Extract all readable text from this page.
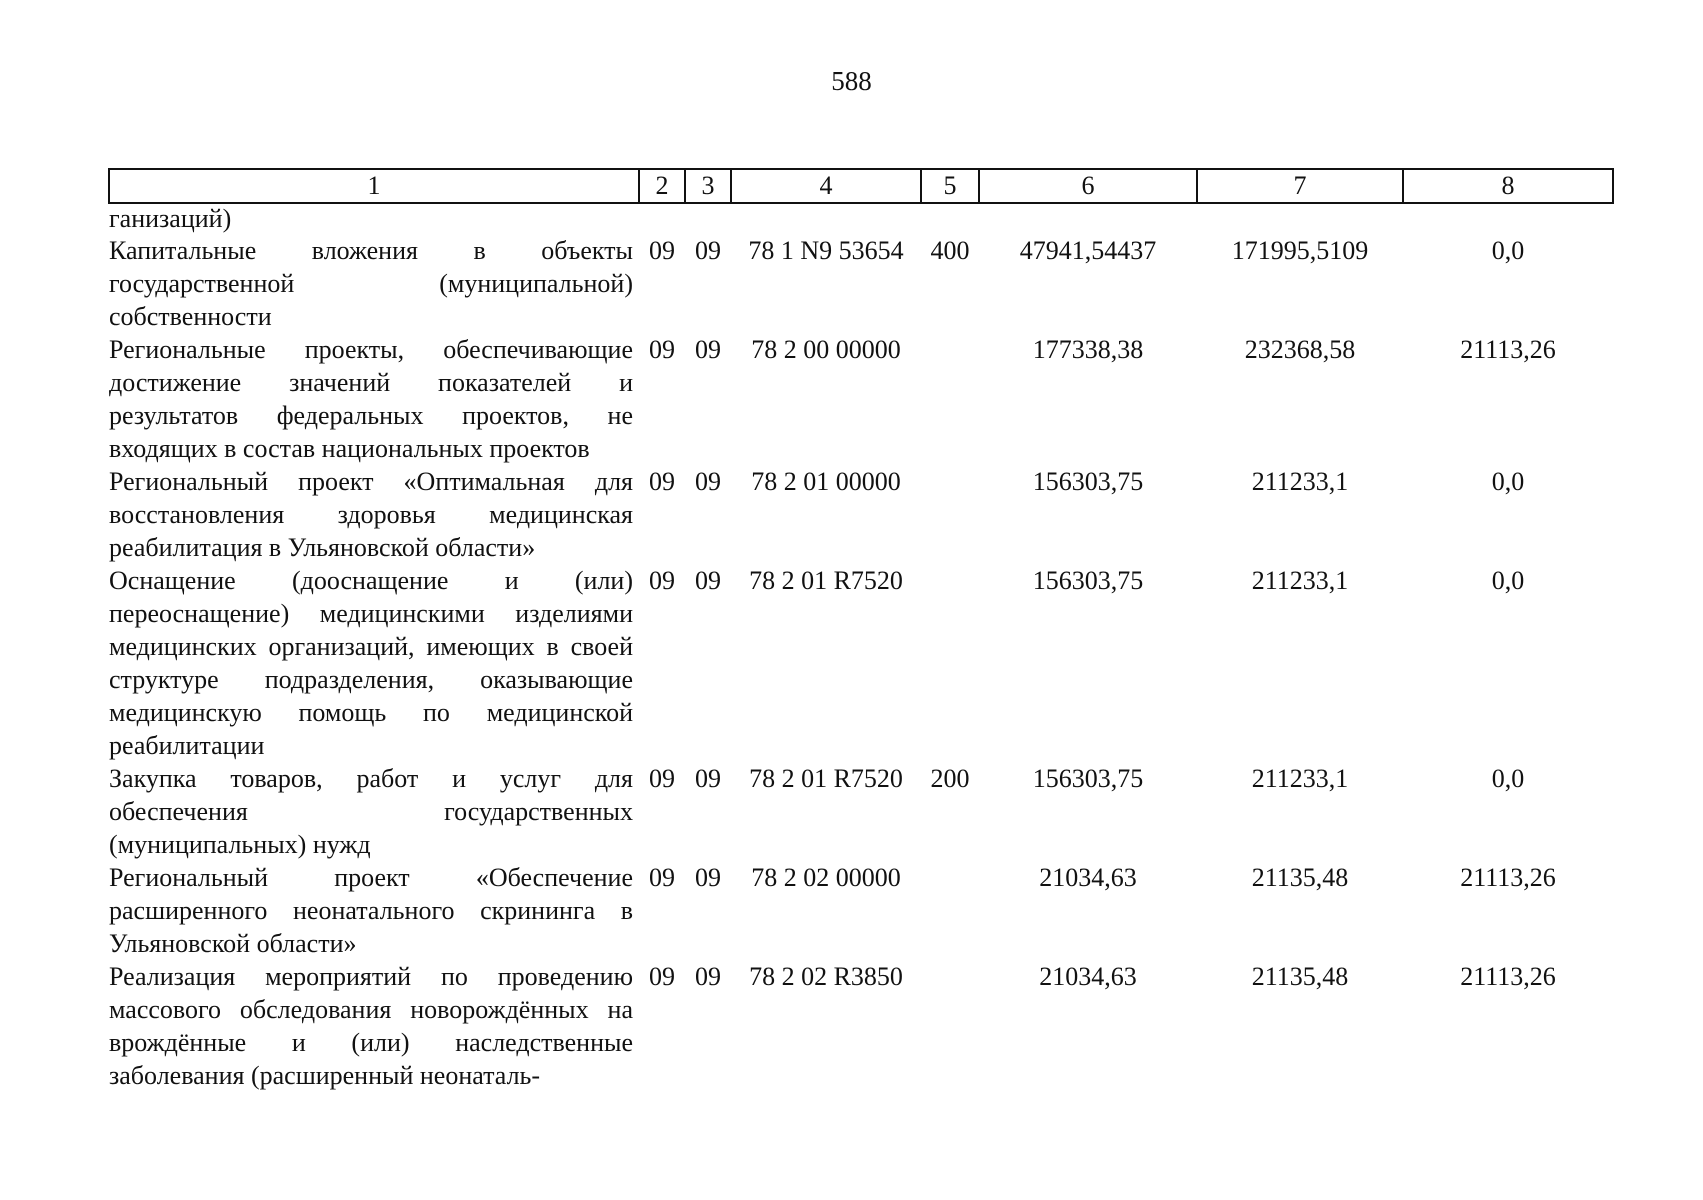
588
1	2	3	4	5	6	7	8
ганизаций)							
Капитальные вложения в объекты государственной (муниципальной) собственности	09	09	78 1 N9 53654	400	47941,54437	171995,5109	0,0
Региональные проекты, обеспечивающие достижение значений показателей и результатов федеральных проектов, не входящих в состав национальных проектов	09	09	78 2 00 00000		177338,38	232368,58	21113,26
Региональный проект «Оптимальная для восстановления здоровья медицинская реабилитация в Ульяновской области»	09	09	78 2 01 00000		156303,75	211233,1	0,0
Оснащение (дооснащение и (или) переоснащение) медицинскими изделиями медицинских организаций, имеющих в своей структуре подразделения, оказывающие медицинскую помощь по медицинской реабилитации	09	09	78 2 01 R7520		156303,75	211233,1	0,0
Закупка товаров, работ и услуг для обеспечения государственных (муниципальных) нужд	09	09	78 2 01 R7520	200	156303,75	211233,1	0,0
Региональный проект «Обеспечение расширенного неонатального скрининга в Ульяновской области»	09	09	78 2 02 00000		21034,63	21135,48	21113,26
Реализация мероприятий по проведению массового обследования новорождённых на врождённые и (или) наследственные заболевания (расширенный неонаталь-	09	09	78 2 02 R3850		21034,63	21135,48	21113,26
